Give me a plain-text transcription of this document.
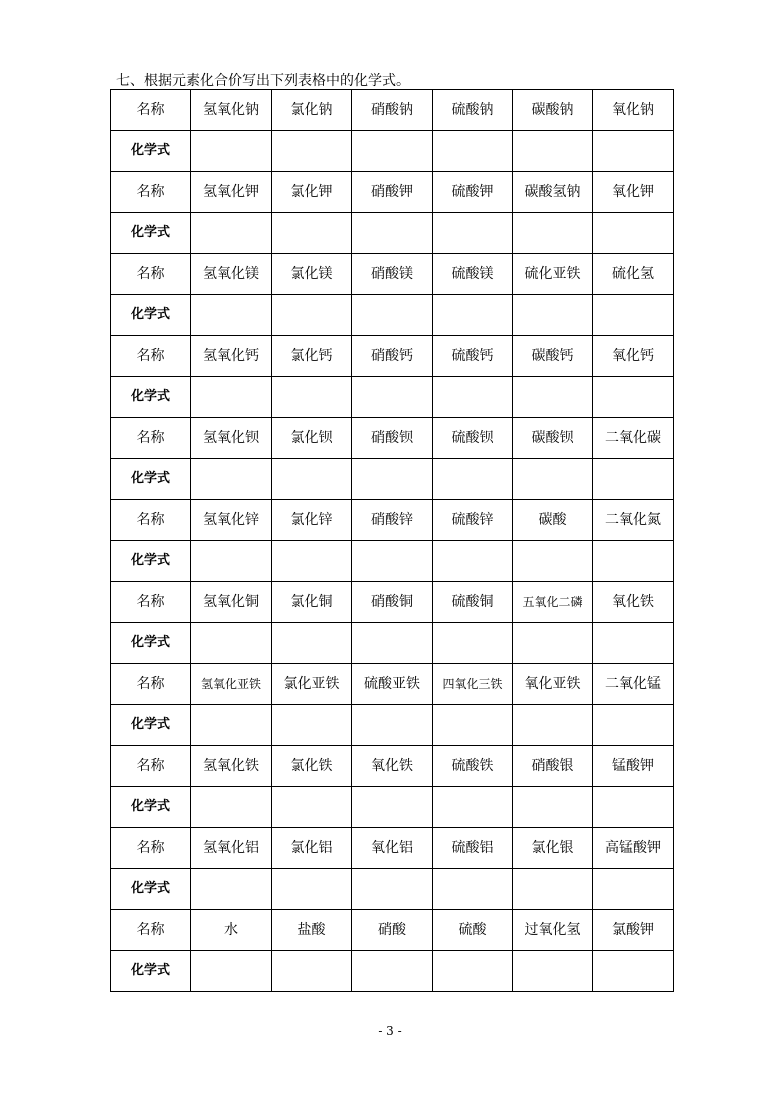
七、根据元素化合价写出下列表格中的化学式。
名称	氢氧化钠	氯化钠	硝酸钠	硫酸钠	碳酸钠	氧化钠
化学式						
名称	氢氧化钾	氯化钾	硝酸钾	硫酸钾	碳酸氢钠	氧化钾
化学式						
名称	氢氧化镁	氯化镁	硝酸镁	硫酸镁	硫化亚铁	硫化氢
化学式						
名称	氢氧化钙	氯化钙	硝酸钙	硫酸钙	碳酸钙	氧化钙
化学式						
名称	氢氧化钡	氯化钡	硝酸钡	硫酸钡	碳酸钡	二氧化碳
化学式						
名称	氢氧化锌	氯化锌	硝酸锌	硫酸锌	碳酸	二氧化氮
化学式						
名称	氢氧化铜	氯化铜	硝酸铜	硫酸铜	五氧化二磷	氧化铁
化学式						
名称	氢氧化亚铁	氯化亚铁	硫酸亚铁	四氧化三铁	氧化亚铁	二氧化锰
化学式						
名称	氢氧化铁	氯化铁	氧化铁	硫酸铁	硝酸银	锰酸钾
化学式						
名称	氢氧化铝	氯化铝	氧化铝	硫酸铝	氯化银	高锰酸钾
化学式						
名称	水	盐酸	硝酸	硫酸	过氧化氢	氯酸钾
化学式						
- 3 -
